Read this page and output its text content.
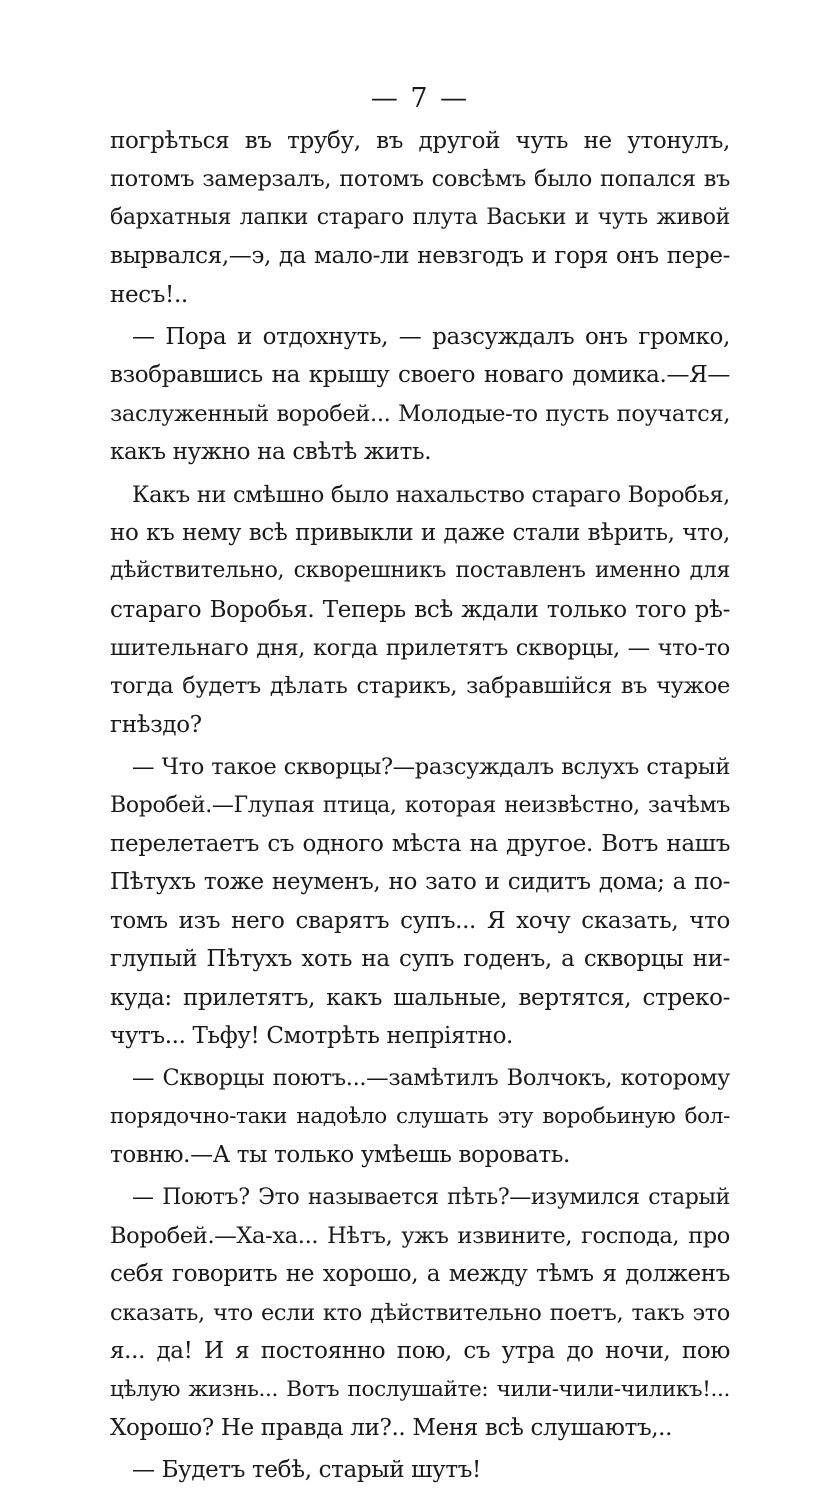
— 7 —
погрѣться въ трубу, въ другой чуть не утонулъ,
потомъ замерзалъ, потомъ совсѣмъ было попался въ
бархатныя лапки стараго плута Васьки и чуть живой
вырвался,—э, да мало-ли невзгодъ и горя онъ пере-
несъ!..
— Пора и отдохнуть, — разсуждалъ онъ громко,
взобравшись на крышу своего новаго домика.—Я—
заслуженный воробей... Молодые-то пусть поучатся,
какъ нужно на свѣтѣ жить.
Какъ ни смѣшно было нахальство стараго Воробья,
но къ нему всѣ привыкли и даже стали вѣрить, что,
дѣйствительно, скворешникъ поставленъ именно для
стараго Воробья. Теперь всѣ ждали только того рѣ-
шительнаго дня, когда прилетятъ скворцы, — что-то
тогда будетъ дѣлать старикъ, забравшійся въ чужое
гнѣздо?
— Что такое скворцы?—разсуждалъ вслухъ старый
Воробей.—Глупая птица, которая неизвѣстно, зачѣмъ
перелетаетъ съ одного мѣста на другое. Вотъ нашъ
Пѣтухъ тоже неуменъ, но зато и сидитъ дома; а по-
томъ изъ него сварятъ супъ... Я хочу сказать, что
глупый Пѣтухъ хоть на супъ годенъ, а скворцы ни-
куда: прилетятъ, какъ шальные, вертятся, стреко-
чутъ... Тьфу! Смотрѣть непріятно.
— Скворцы поютъ...—замѣтилъ Волчокъ, которому
порядочно-таки надоѣло слушать эту воробьиную бол-
товню.—А ты только умѣешь воровать.
— Поютъ? Это называется пѣть?—изумился старый
Воробей.—Ха-ха... Нѣтъ, ужъ извините, господа, про
себя говорить не хорошо, а между тѣмъ я долженъ
сказать, что если кто дѣйствительно поетъ, такъ это
я... да! И я постоянно пою, съ утра до ночи, пою
цѣлую жизнь... Вотъ послушайте: чили-чили-чиликъ!...
Хорошо? Не правда ли?.. Меня всѣ слушаютъ,..
— Будетъ тебѣ, старый шутъ!
